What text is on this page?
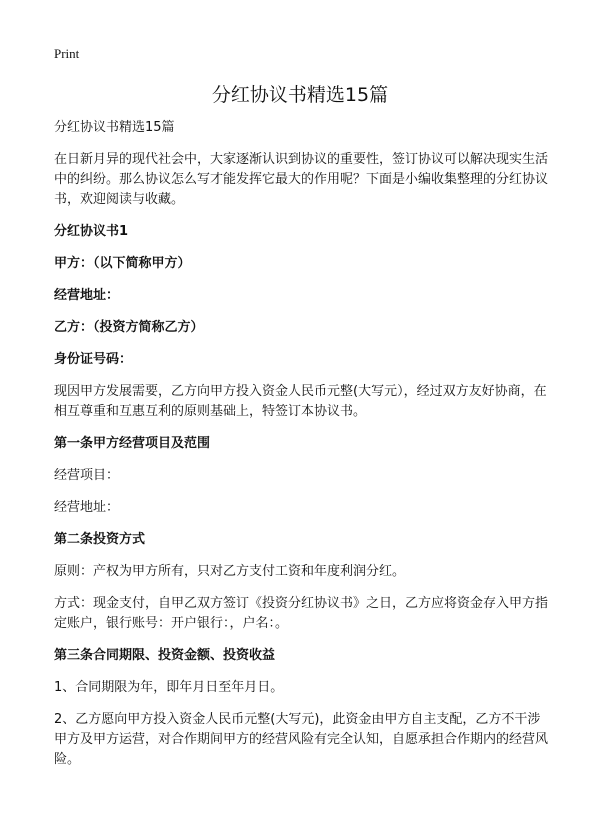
Print
分红协议书精选15篇

分红协议书精选15篇

在日新月异的现代社会中，大家逐渐认识到协议的重要性，签订协议可以解决现实生活中的纠纷。那么协议怎么写才能发挥它最大的作用呢？下面是小编收集整理的分红协议书，欢迎阅读与收藏。

分红协议书1

甲方：（以下简称甲方）

经营地址：

乙方：（投资方简称乙方）

身份证号码：

现因甲方发展需要，乙方向甲方投入资金人民币元整(大写元），经过双方友好协商，在相互尊重和互惠互利的原则基础上，特签订本协议书。

第一条甲方经营项目及范围

经营项目：

经营地址：

第二条投资方式

原则：产权为甲方所有，只对乙方支付工资和年度利润分红。

方式：现金支付，自甲乙双方签订《投资分红协议书》之日，乙方应将资金存入甲方指定账户，银行账号：开户银行：，户名：。

第三条合同期限、投资金额、投资收益

1、合同期限为年，即年月日至年月日。

2、乙方愿向甲方投入资金人民币元整(大写元)，此资金由甲方自主支配，乙方不干涉甲方及甲方运营，对合作期间甲方的经营风险有完全认知，自愿承担合作期内的经营风险。
